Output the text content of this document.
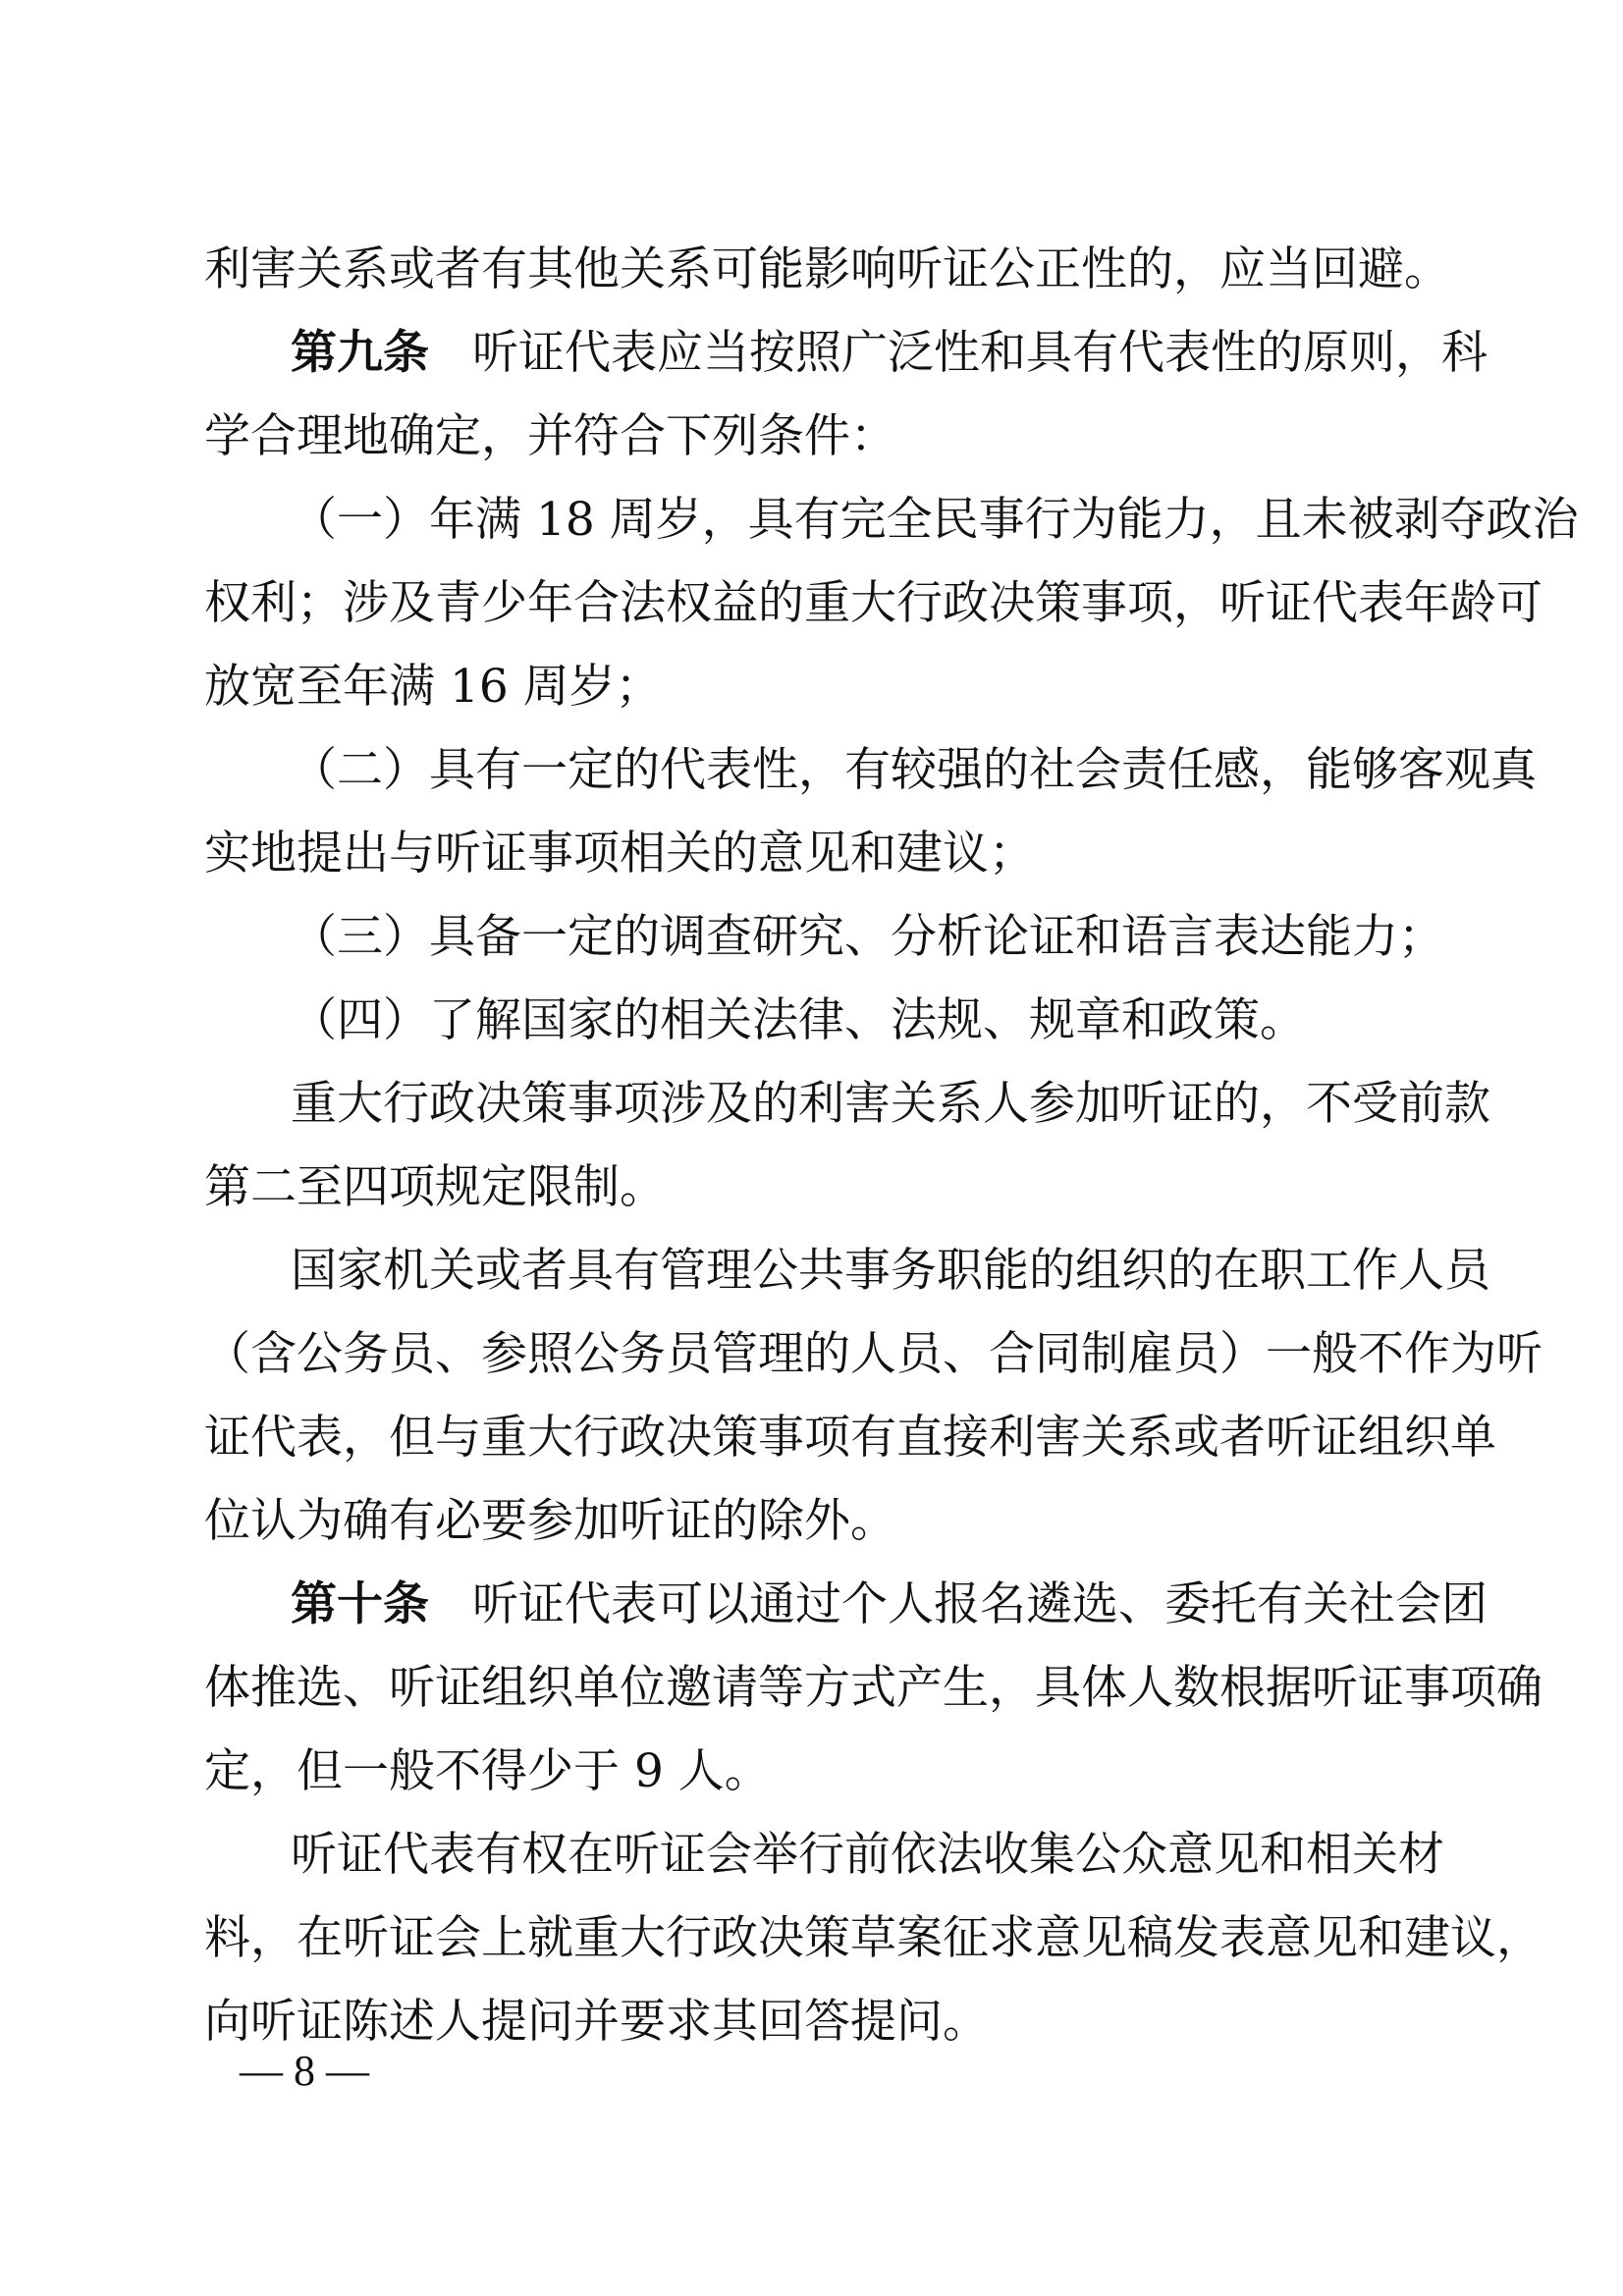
利害关系或者有其他关系可能影响听证公正性的，应当回避。
第九条 听证代表应当按照广泛性和具有代表性的原则，科
学合理地确定，并符合下列条件：
（一）年满 18 周岁，具有完全民事行为能力，且未被剥夺政治
权利；涉及青少年合法权益的重大行政决策事项，听证代表年龄可
放宽至年满 16 周岁；
（二）具有一定的代表性，有较强的社会责任感，能够客观真
实地提出与听证事项相关的意见和建议；
（三）具备一定的调查研究、分析论证和语言表达能力；
（四）了解国家的相关法律、法规、规章和政策。
重大行政决策事项涉及的利害关系人参加听证的，不受前款
第二至四项规定限制。
国家机关或者具有管理公共事务职能的组织的在职工作人员
（含公务员、参照公务员管理的人员、合同制雇员）一般不作为听
证代表，但与重大行政决策事项有直接利害关系或者听证组织单
位认为确有必要参加听证的除外。
第十条 听证代表可以通过个人报名遴选、委托有关社会团
体推选、听证组织单位邀请等方式产生，具体人数根据听证事项确
定，但一般不得少于 9 人。
听证代表有权在听证会举行前依法收集公众意见和相关材
料，在听证会上就重大行政决策草案征求意见稿发表意见和建议，
向听证陈述人提问并要求其回答提问。
— 8 —
